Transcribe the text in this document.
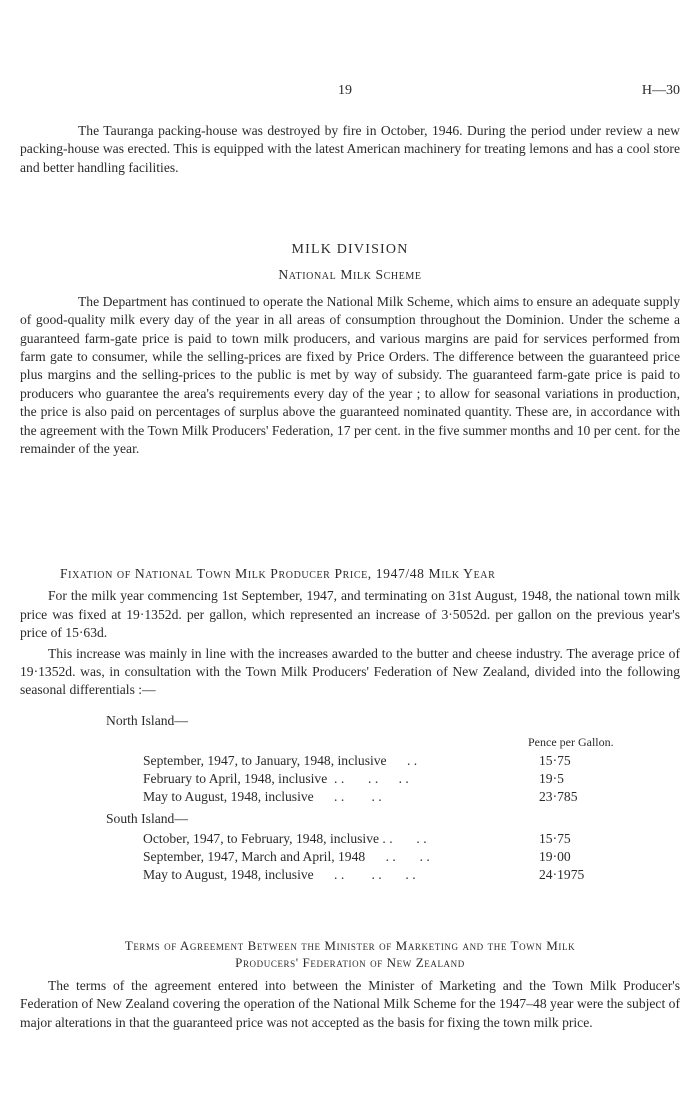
19	H—30

The Tauranga packing-house was destroyed by fire in October, 1946. During the period under review a new packing-house was erected. This is equipped with the latest American machinery for treating lemons and has a cool store and better handling facilities.

MILK DIVISION

National Milk Scheme

The Department has continued to operate the National Milk Scheme, which aims to ensure an adequate supply of good-quality milk every day of the year in all areas of consumption throughout the Dominion. Under the scheme a guaranteed farm-gate price is paid to town milk producers, and various margins are paid for services performed from farm gate to consumer, while the selling-prices are fixed by Price Orders. The difference between the guaranteed price plus margins and the selling-prices to the public is met by way of subsidy. The guaranteed farm-gate price is paid to producers who guarantee the area's requirements every day of the year ; to allow for seasonal variations in production, the price is also paid on percentages of surplus above the guaranteed nominated quantity. These are, in accordance with the agreement with the Town Milk Producers' Federation, 17 per cent. in the five summer months and 10 per cent. for the remainder of the year.

Fixation of National Town Milk Producer Price, 1947/48 Milk Year

For the milk year commencing 1st September, 1947, and terminating on 31st August, 1948, the national town milk price was fixed at 19·1352d. per gallon, which represented an increase of 3·5052d. per gallon on the previous year's price of 15·63d.

This increase was mainly in line with the increases awarded to the butter and cheese industry. The average price of 19·1352d. was, in consultation with the Town Milk Producers' Federation of New Zealand, divided into the following seasonal differentials :—

North Island—
Pence per Gallon.
September, 1947, to January, 1948, inclusive      . .	15·75
February to April, 1948, inclusive  . .       . .      . .	19·5
May to August, 1948, inclusive      . .        . .	23·785
South Island—
October, 1947, to February, 1948, inclusive . .       . .	15·75
September, 1947, March and April, 1948      . .       . .	19·00
May to August, 1948, inclusive      . .        . .       . .	24·1975

Terms of Agreement Between the Minister of Marketing and the Town Milk

Producers' Federation of New Zealand

The terms of the agreement entered into between the Minister of Marketing and the Town Milk Producer's Federation of New Zealand covering the operation of the National Milk Scheme for the 1947–48 year were the subject of major alterations in that the guaranteed price was not accepted as the basis for fixing the town milk price.
